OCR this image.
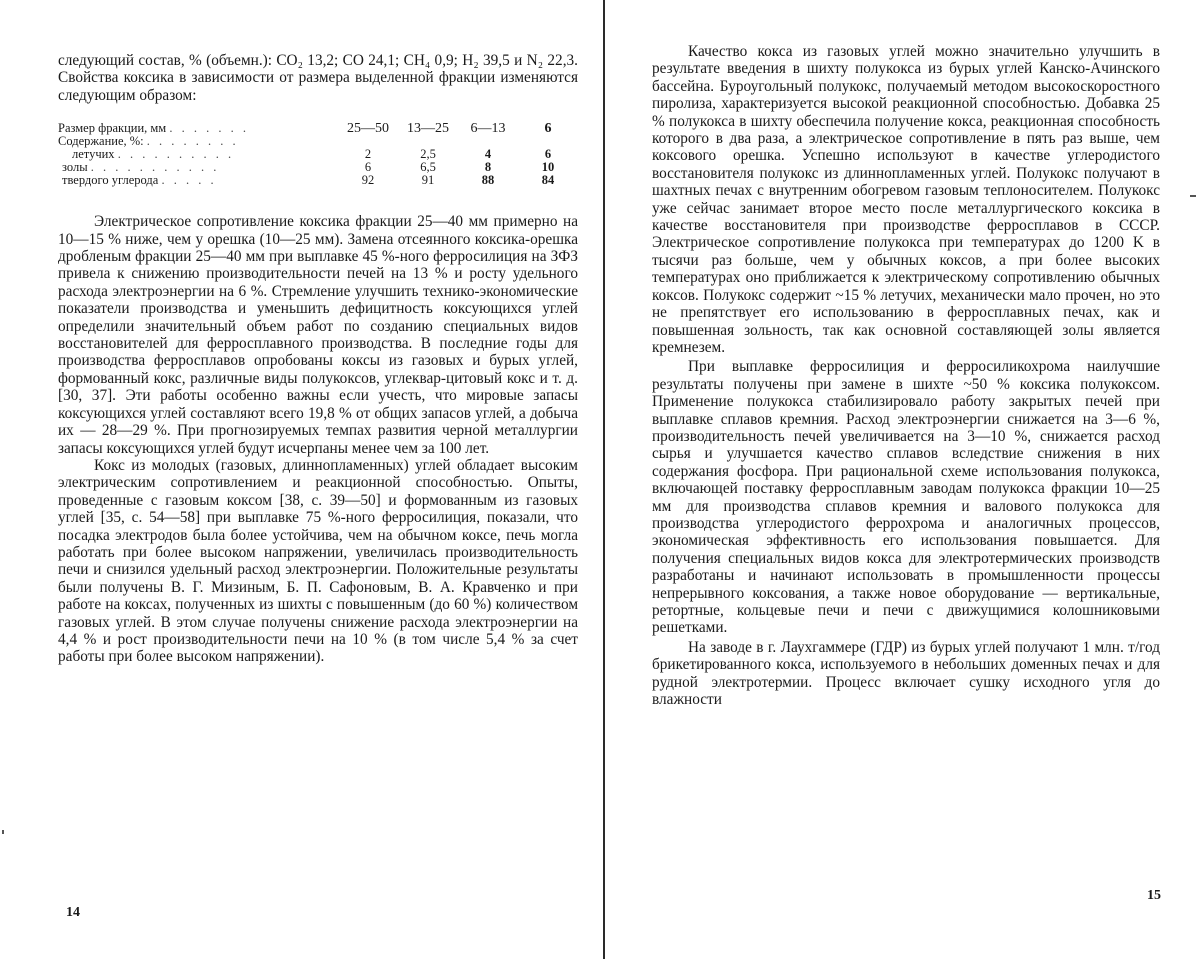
следующий состав, % (объемн.): CO₂ 13,2; CO 24,1; CH₄ 0,9; H₂ 39,5 и N₂ 22,3. Свойства коксика в зависимости от размера выделенной фракции изменяются следующим образом:

Размер фракции, мм . . . . . . .	25—50	13—25	6—13	6
Содержание, %: . . . . . . . .
летучих . . . . . . . . . .	2	2,5	4	6
золы . . . . . . . . . . .	6	6,5	8	10
твердого углерода . . . . .	92	91	88	84

Электрическое сопротивление коксика фракции 25—40 мм примерно на 10—15 % ниже, чем у орешка (10—25 мм). Замена отсеянного коксика-орешка дробленым фракции 25—40 мм при выплавке 45 %-ного ферросилиция на ЗФЗ привела к снижению производительности печей на 13 % и росту удельного расхода электроэнергии на 6 %. Стремление улучшить технико-экономические показатели производства и уменьшить дефицитность коксующихся углей определили значительный объем работ по созданию специальных видов восстановителей для ферросплавного производства. В последние годы для производства ферросплавов опробованы коксы из газовых и бурых углей, формованный кокс, различные виды полукоксов, углеквар-цитовый кокс и т. д. [30, 37]. Эти работы особенно важны если учесть, что мировые запасы коксующихся углей составляют всего 19,8 % от общих запасов углей, а добыча их — 28—29 %. При прогнозируемых темпах развития черной металлургии запасы коксующихся углей будут исчерпаны менее чем за 100 лет.

Кокс из молодых (газовых, длиннопламенных) углей обладает высоким электрическим сопротивлением и реакционной способностью. Опыты, проведенные с газовым коксом [38, с. 39—50] и формованным из газовых углей [35, с. 54—58] при выплавке 75 %-ного ферросилиция, показали, что посадка электродов была более устойчива, чем на обычном коксе, печь могла работать при более высоком напряжении, увеличилась производительность печи и снизился удельный расход электроэнергии. Положительные результаты были получены В. Г. Мизиным, Б. П. Сафоновым, В. А. Кравченко и при работе на коксах, полученных из шихты с повышенным (до 60 %) количеством газовых углей. В этом случае получены снижение расхода электроэнергии на 4,4 % и рост производительности печи на 10 % (в том числе 5,4 % за счет работы при более высоком напряжении).

14

Качество кокса из газовых углей можно значительно улучшить в результате введения в шихту полукокса из бурых углей Канско-Ачинского бассейна. Буроугольный полукокс, получаемый методом высокоскоростного пиролиза, характеризуется высокой реакционной способностью. Добавка 25 % полукокса в шихту обеспечила получение кокса, реакционная способность которого в два раза, а электрическое сопротивление в пять раз выше, чем коксового орешка. Успешно используют в качестве углеродистого восстановителя полукокс из длиннопламенных углей. Полукокс получают в шахтных печах с внутренним обогревом газовым теплоносителем. Полукокс уже сейчас занимает второе место после металлургического коксика в качестве восстановителя при производстве ферросплавов в СССР. Электрическое сопротивление полукокса при температурах до 1200 K в тысячи раз больше, чем у обычных коксов, а при более высоких температурах оно приближается к электрическому сопротивлению обычных коксов. Полукокс содержит ~15 % летучих, механически мало прочен, но это не препятствует его использованию в ферросплавных печах, как и повышенная зольность, так как основной составляющей золы является кремнезем.

При выплавке ферросилиция и ферросиликохрома наилучшие результаты получены при замене в шихте ~50 % коксика полукоксом. Применение полукокса стабилизировало работу закрытых печей при выплавке сплавов кремния. Расход электроэнергии снижается на 3—6 %, производительность печей увеличивается на 3—10 %, снижается расход сырья и улучшается качество сплавов вследствие снижения в них содержания фосфора. При рациональной схеме использования полукокса, включающей поставку ферросплавным заводам полукокса фракции 10—25 мм для производства сплавов кремния и валового полукокса для производства углеродистого феррохрома и аналогичных процессов, экономическая эффективность его использования повышается. Для получения специальных видов кокса для электротермических производств разработаны и начинают использовать в промышленности процессы непрерывного коксования, а также новое оборудование — вертикальные, ретортные, кольцевые печи и печи с движущимися колошниковыми решетками.

На заводе в г. Лаухгаммере (ГДР) из бурых углей получают 1 млн. т/год брикетированного кокса, используемого в небольших доменных печах и для рудной электротермии. Процесс включает сушку исходного угля до влажности

15
